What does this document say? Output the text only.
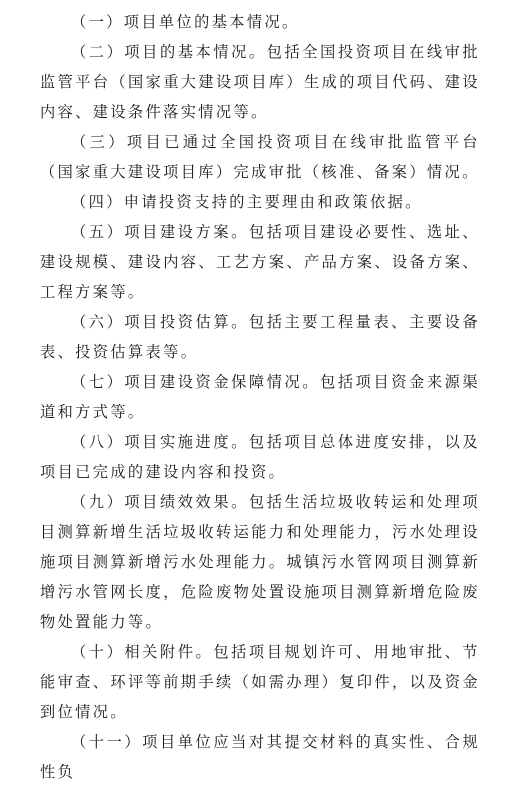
（一）项目单位的基本情况。

（二）项目的基本情况。包括全国投资项目在线审批监管平台（国家重大建设项目库）生成的项目代码、建设内容、建设条件落实情况等。

（三）项目已通过全国投资项目在线审批监管平台（国家重大建设项目库）完成审批（核准、备案）情况。

（四）申请投资支持的主要理由和政策依据。

（五）项目建设方案。包括项目建设必要性、选址、建设规模、建设内容、工艺方案、产品方案、设备方案、工程方案等。

（六）项目投资估算。包括主要工程量表、主要设备表、投资估算表等。

（七）项目建设资金保障情况。包括项目资金来源渠道和方式等。

（八）项目实施进度。包括项目总体进度安排，以及项目已完成的建设内容和投资。

（九）项目绩效效果。包括生活垃圾收转运和处理项目测算新增生活垃圾收转运能力和处理能力，污水处理设施项目测算新增污水处理能力。城镇污水管网项目测算新增污水管网长度，危险废物处置设施项目测算新增危险废物处置能力等。

（十）相关附件。包括项目规划许可、用地审批、节能审查、环评等前期手续（如需办理）复印件，以及资金到位情况。

（十一）项目单位应当对其提交材料的真实性、合规性负
